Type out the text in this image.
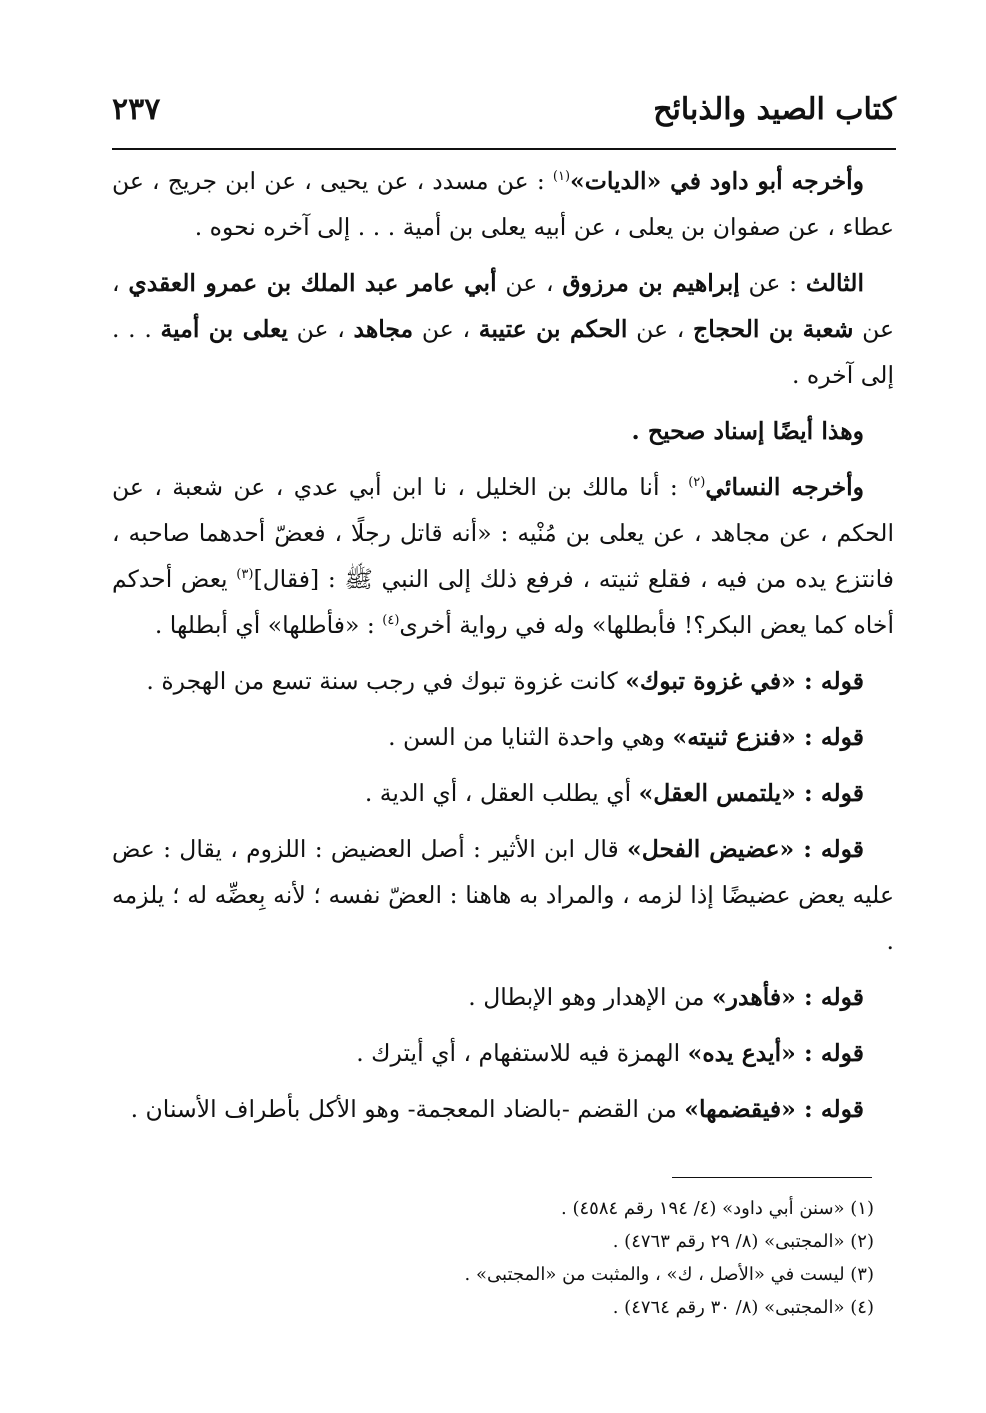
كتاب الصيد والذبائح
٢٣٧

وأخرجه أبو داود في «الديات»$^{(١)}$ : عن مسدد ، عن يحيى ، عن ابن جريج ، عن عطاء ، عن صفوان بن يعلى ، عن أبيه يعلى بن أمية . . . إلى آخره نحوه .

الثالث : عن إبراهيم بن مرزوق ، عن أبي عامر عبد الملك بن عمرو العقدي ، عن شعبة بن الحجاج ، عن الحكم بن عتيبة ، عن مجاهد ، عن يعلى بن أمية . . . إلى آخره .

وهذا أيضًا إسناد صحيح .

وأخرجه النسائي$^{(٢)}$ : أنا مالك بن الخليل ، نا ابن أبي عدي ، عن شعبة ، عن الحكم ، عن مجاهد ، عن يعلى بن مُنْيه : «أنه قاتل رجلًا ، فعضّ أحدهما صاحبه ، فانتزع يده من فيه ، فقلع ثنيته ، فرفع ذلك إلى النبي ﷺ : [فقال]$^{(٣)}$ يعض أحدكم أخاه كما يعض البكر؟! فأبطلها» وله في رواية أخرى$^{(٤)}$ : «فأطلها» أي أبطلها .

قوله : «في غزوة تبوك» كانت غزوة تبوك في رجب سنة تسع من الهجرة .

قوله : «فنزع ثنيته» وهي واحدة الثنايا من السن .

قوله : «يلتمس العقل» أي يطلب العقل ، أي الدية .

قوله : «عضيض الفحل» قال ابن الأثير : أصل العضيض : اللزوم ، يقال : عض عليه يعض عضيضًا إذا لزمه ، والمراد به هاهنا : العضّ نفسه ؛ لأنه بِعضِّه له ؛ يلزمه .

قوله : «فأهدر» من الإهدار وهو الإبطال .

قوله : «أيدع يده» الهمزة فيه للاستفهام ، أي أيترك .

قوله : «فيقضمها» من القضم -بالضاد المعجمة- وهو الأكل بأطراف الأسنان .

(١) «سنن أبي داود» (٤/ ١٩٤ رقم ٤٥٨٤) .

(٢) «المجتبى» (٨/ ٢٩ رقم ٤٧٦٣) .

(٣) ليست في «الأصل ، ك» ، والمثبت من «المجتبى» .

(٤) «المجتبى» (٨/ ٣٠ رقم ٤٧٦٤) .
